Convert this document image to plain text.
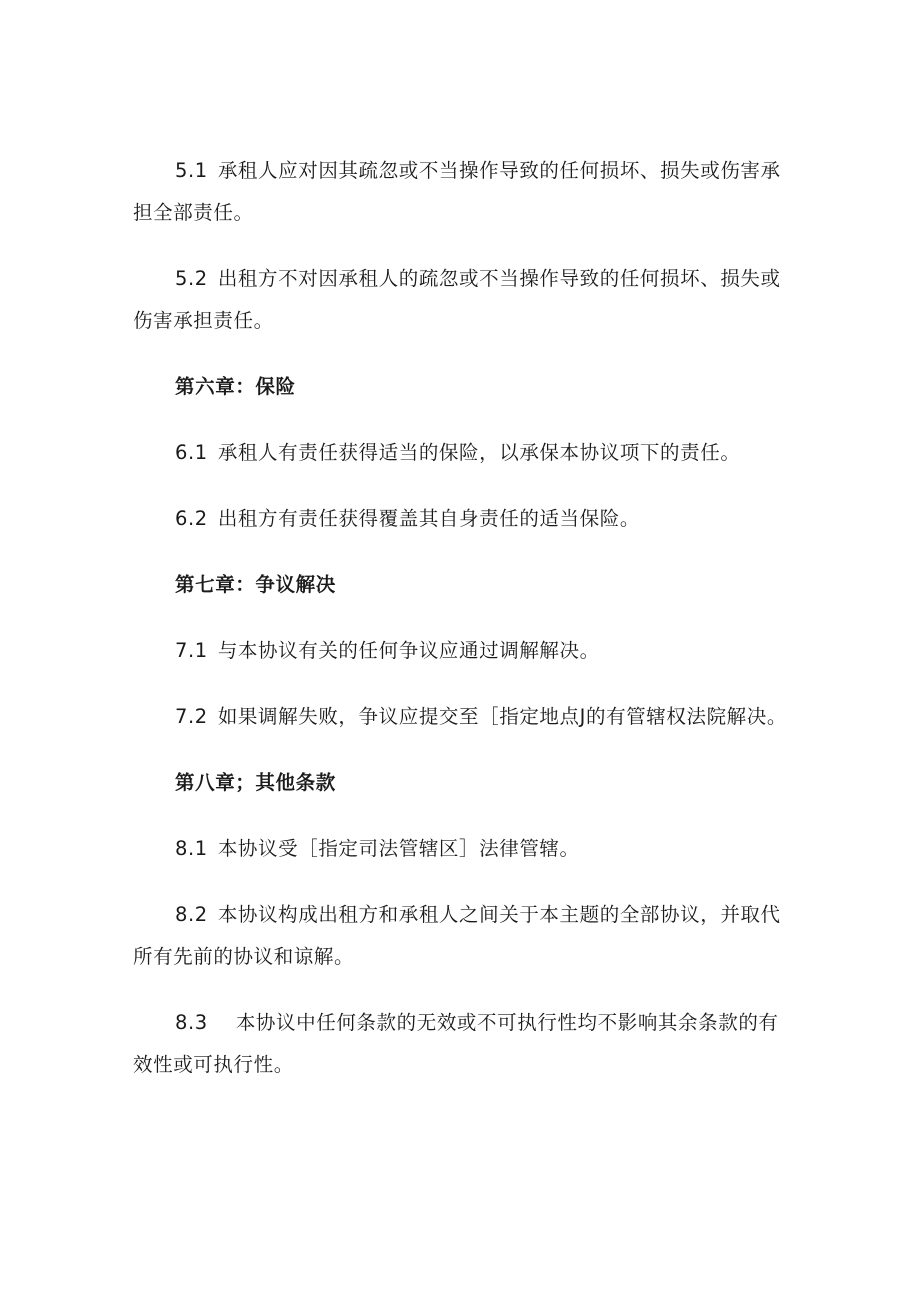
5.1 承租人应对因其疏忽或不当操作导致的任何损坏、损失或伤害承担全部责任。

5.2 出租方不对因承租人的疏忽或不当操作导致的任何损坏、损失或伤害承担责任。

第六章：保险

6.1 承租人有责任获得适当的保险，以承保本协议项下的责任。

6.2 出租方有责任获得覆盖其自身责任的适当保险。

第七章：争议解决

7.1 与本协议有关的任何争议应通过调解解决。

7.2 如果调解失败，争议应提交至［指定地点J的有管辖权法院解决。

第八章；其他条款

8.1 本协议受［指定司法管辖区］法律管辖。

8.2 本协议构成出租方和承租人之间关于本主题的全部协议，并取代所有先前的协议和谅解。

8.3 本协议中任何条款的无效或不可执行性均不影响其余条款的有效性或可执行性。
